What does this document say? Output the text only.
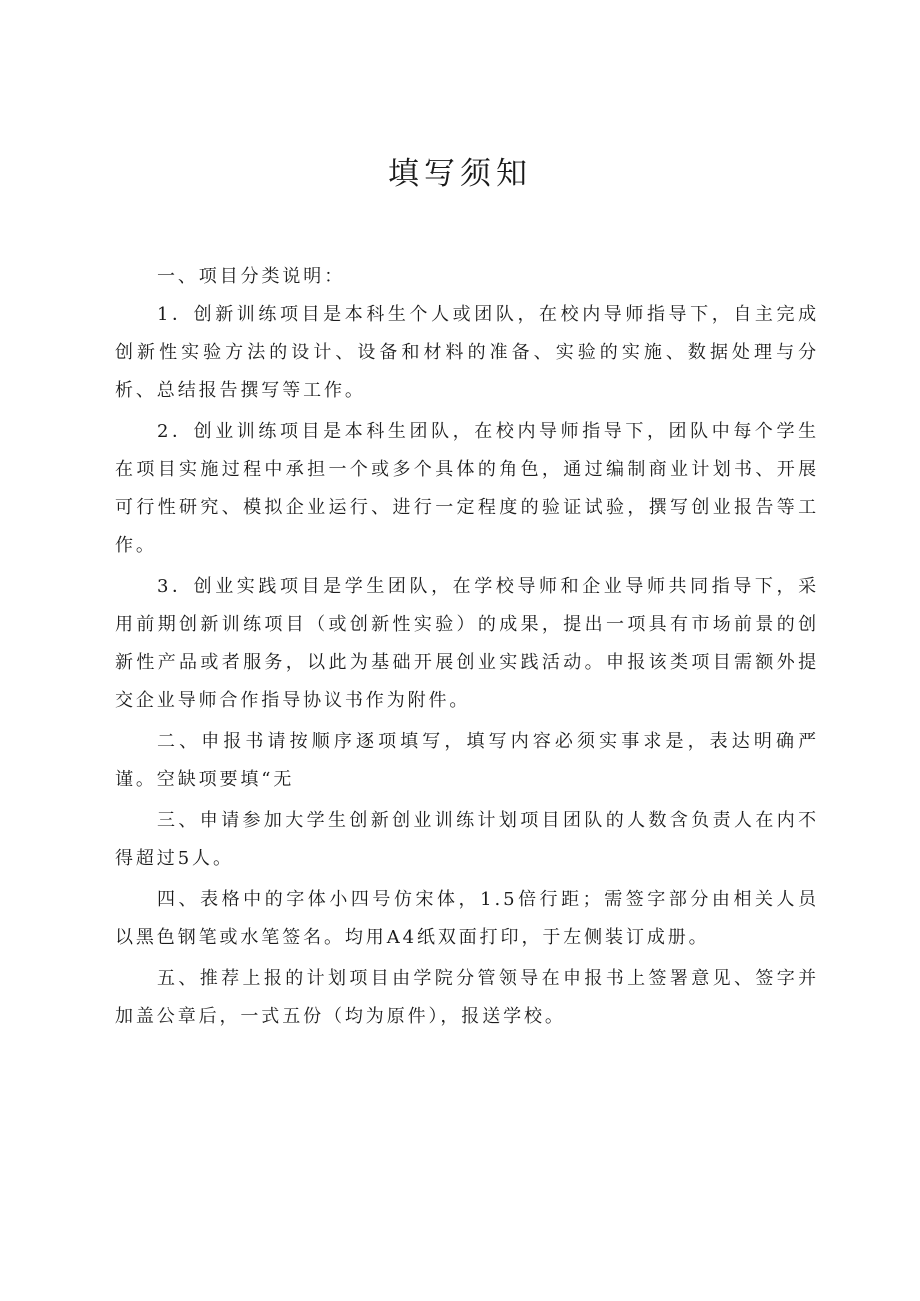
填写须知

一、项目分类说明：

1．创新训练项目是本科生个人或团队，在校内导师指导下，自主完成创新性实验方法的设计、设备和材料的准备、实验的实施、数据处理与分析、总结报告撰写等工作。

2．创业训练项目是本科生团队，在校内导师指导下，团队中每个学生在项目实施过程中承担一个或多个具体的角色，通过编制商业计划书、开展可行性研究、模拟企业运行、进行一定程度的验证试验，撰写创业报告等工作。

3．创业实践项目是学生团队，在学校导师和企业导师共同指导下，采用前期创新训练项目（或创新性实验）的成果，提出一项具有市场前景的创新性产品或者服务，以此为基础开展创业实践活动。申报该类项目需额外提交企业导师合作指导协议书作为附件。

二、申报书请按顺序逐项填写，填写内容必须实事求是，表达明确严谨。空缺项要填“无

三、申请参加大学生创新创业训练计划项目团队的人数含负责人在内不得超过5人。

四、表格中的字体小四号仿宋体，1.5倍行距；需签字部分由相关人员以黑色钢笔或水笔签名。均用A4纸双面打印，于左侧装订成册。

五、推荐上报的计划项目由学院分管领导在申报书上签署意见、签字并加盖公章后，一式五份（均为原件），报送学校。
